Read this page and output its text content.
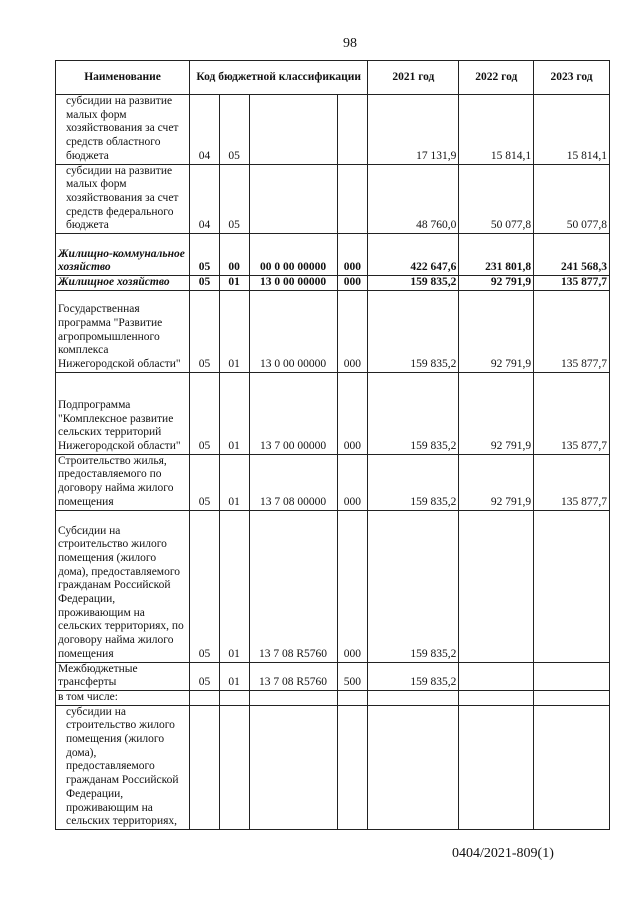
98
Наименование	Код бюджетной классификации				2021 год	2022 год	2023 год
субсидии на развитие малых форм хозяйствования за счет средств областного бюджета	04	05			17 131,9	15 814,1	15 814,1
субсидии на развитие малых форм хозяйствования за счет средств федерального бюджета	04	05			48 760,0	50 077,8	50 077,8
Жилищно-коммунальное хозяйство	05	00	00 0 00 00000	000	422 647,6	231 801,8	241 568,3
Жилищное хозяйство	05	01	13 0 00 00000	000	159 835,2	92 791,9	135 877,7
Государственная программа "Развитие агропромышленного комплекса Нижегородской области"	05	01	13 0 00 00000	000	159 835,2	92 791,9	135 877,7
Подпрограмма "Комплексное развитие сельских территорий Нижегородской области"	05	01	13 7 00 00000	000	159 835,2	92 791,9	135 877,7
Строительство жилья, предоставляемого по договору найма жилого помещения	05	01	13 7 08 00000	000	159 835,2	92 791,9	135 877,7
Субсидии на строительство жилого помещения (жилого дома), предоставляемого гражданам Российской Федерации, проживающим на сельских территориях, по договору найма жилого помещения	05	01	13 7 08 R5760	000	159 835,2		
Межбюджетные трансферты	05	01	13 7 08 R5760	500	159 835,2		
в том числе:							
субсидии на строительство жилого помещения (жилого дома), предоставляемого гражданам Российской Федерации, проживающим на сельских территориях,							
0404/2021-809(1)
